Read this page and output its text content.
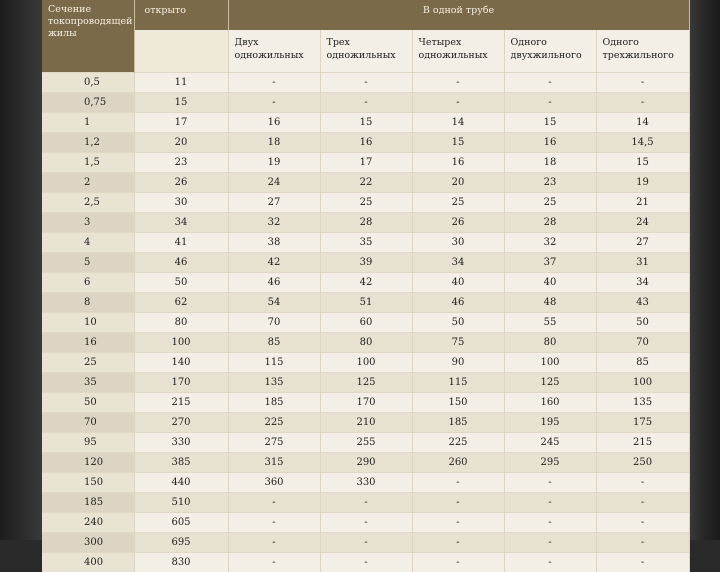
Сечение токопроводящей жилы	открыто	В одной трубе				
		Двух одножильных	Трех одножильных	Четырех одножильных	Одного двухжильного	Одного трехжильного
0,5	11	-	-	-	-	-
0,75	15	-	-	-	-	-
1	17	16	15	14	15	14
1,2	20	18	16	15	16	14,5
1,5	23	19	17	16	18	15
2	26	24	22	20	23	19
2,5	30	27	25	25	25	21
3	34	32	28	26	28	24
4	41	38	35	30	32	27
5	46	42	39	34	37	31
6	50	46	42	40	40	34
8	62	54	51	46	48	43
10	80	70	60	50	55	50
16	100	85	80	75	80	70
25	140	115	100	90	100	85
35	170	135	125	115	125	100
50	215	185	170	150	160	135
70	270	225	210	185	195	175
95	330	275	255	225	245	215
120	385	315	290	260	295	250
150	440	360	330	-	-	-
185	510	-	-	-	-	-
240	605	-	-	-	-	-
300	695	-	-	-	-	-
400	830	-	-	-	-	-
